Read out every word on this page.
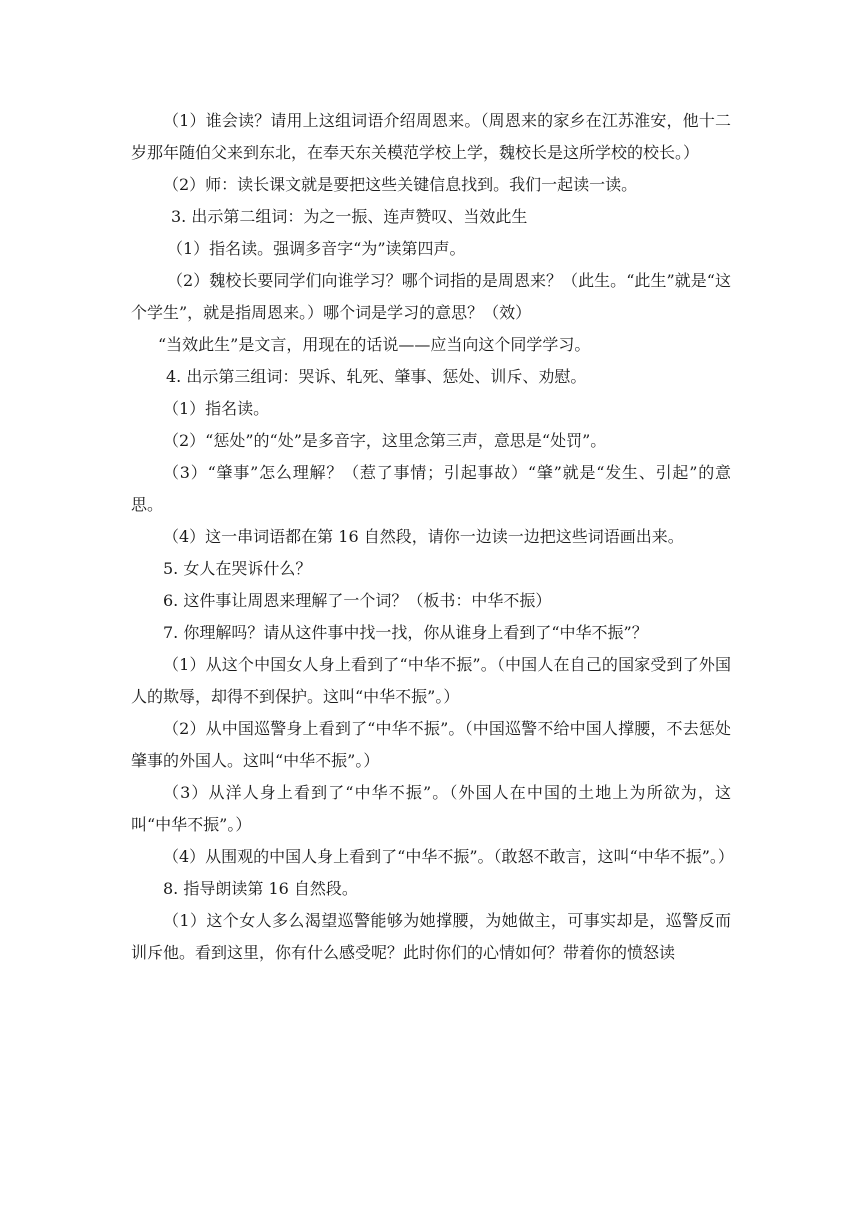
（1）谁会读？请用上这组词语介绍周恩来。（周恩来的家乡在江苏淮安，他十二岁那年随伯父来到东北，在奉天东关模范学校上学，魏校长是这所学校的校长。）

（2）师：读长课文就是要把这些关键信息找到。我们一起读一读。

3. 出示第二组词：为之一振、连声赞叹、当效此生

（1）指名读。强调多音字“为”读第四声。

（2）魏校长要同学们向谁学习？哪个词指的是周恩来？（此生。“此生”就是“这个学生”，就是指周恩来。）哪个词是学习的意思？（效）

“当效此生”是文言，用现在的话说——应当向这个同学学习。

4. 出示第三组词：哭诉、轧死、肇事、惩处、训斥、劝慰。

（1）指名读。

（2）“惩处”的“处”是多音字，这里念第三声，意思是“处罚”。

（3）“肇事”怎么理解？（惹了事情；引起事故）“肇”就是“发生、引起”的意思。

（4）这一串词语都在第 16 自然段，请你一边读一边把这些词语画出来。

5. 女人在哭诉什么？

6. 这件事让周恩来理解了一个词？（板书：中华不振）

7. 你理解吗？请从这件事中找一找，你从谁身上看到了“中华不振”？

（1）从这个中国女人身上看到了“中华不振”。（中国人在自己的国家受到了外国人的欺辱，却得不到保护。这叫“中华不振”。）

（2）从中国巡警身上看到了“中华不振”。（中国巡警不给中国人撑腰，不去惩处肇事的外国人。这叫“中华不振”。）

（3）从洋人身上看到了“中华不振”。（外国人在中国的土地上为所欲为，这叫“中华不振”。）

（4）从围观的中国人身上看到了“中华不振”。（敢怒不敢言，这叫“中华不振”。）

8. 指导朗读第 16 自然段。

（1）这个女人多么渴望巡警能够为她撑腰，为她做主，可事实却是，巡警反而训斥他。看到这里，你有什么感受呢？此时你们的心情如何？带着你的愤怒读
